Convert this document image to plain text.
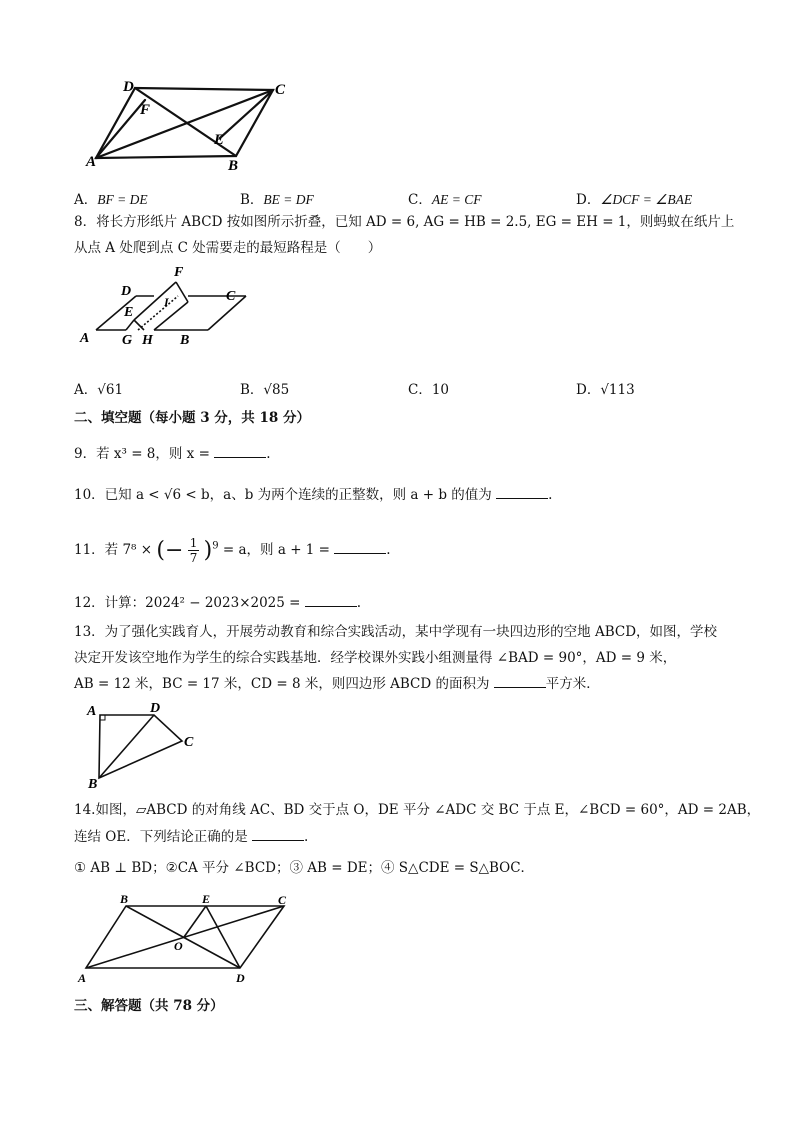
D	C
F
E
A	B
A．BF = DE	B．BE = DF	C．AE = CF	D．∠DCF = ∠BAE
8．将长方形纸片 ABCD 按如图所示折叠，已知 AD = 6, AG = HB = 2.5, EG = EH = 1，则蚂蚁在纸片上
从点 A 处爬到点 C 处需要走的最短路程是（　　）
F
D	C
I
E
A G H B
A．√61	B．√85	C．10	D．√113
二、填空题（每小题 3 分，共 18 分）
9．若 x³ = 8，则 x =	.
10．已知 a < √6 < b，a、b 为两个连续的正整数，则 a + b 的值为	.
11．若 7⁸ × (− $\frac{1}{7} )^9 = a$，则 a + 1 =	.
12．计算：2024² − 2023×2025 =	.
13．为了强化实践育人，开展劳动教育和综合实践活动，某中学现有一块四边形的空地 ABCD，如图，学校
决定开发该空地作为学生的综合实践基地．经学校课外实践小组测量得 ∠BAD = 90°，AD = 9 米，
AB = 12 米，BC = 17 米，CD = 8 米，则四边形 ABCD 的面积为	平方米．
A	D
C
B
14.如图，▱ABCD 的对角线 AC、BD 交于点 O，DE 平分 ∠ADC 交 BC 于点 E，∠BCD = 60°，AD = 2AB，
连结 OE．下列结论正确的是	.
① AB ⊥ BD；②CA 平分 ∠BCD；③ AB = DE；④ S△CDE = S△BOC．
B	E	C
O
A	D
三、解答题（共 78 分）
